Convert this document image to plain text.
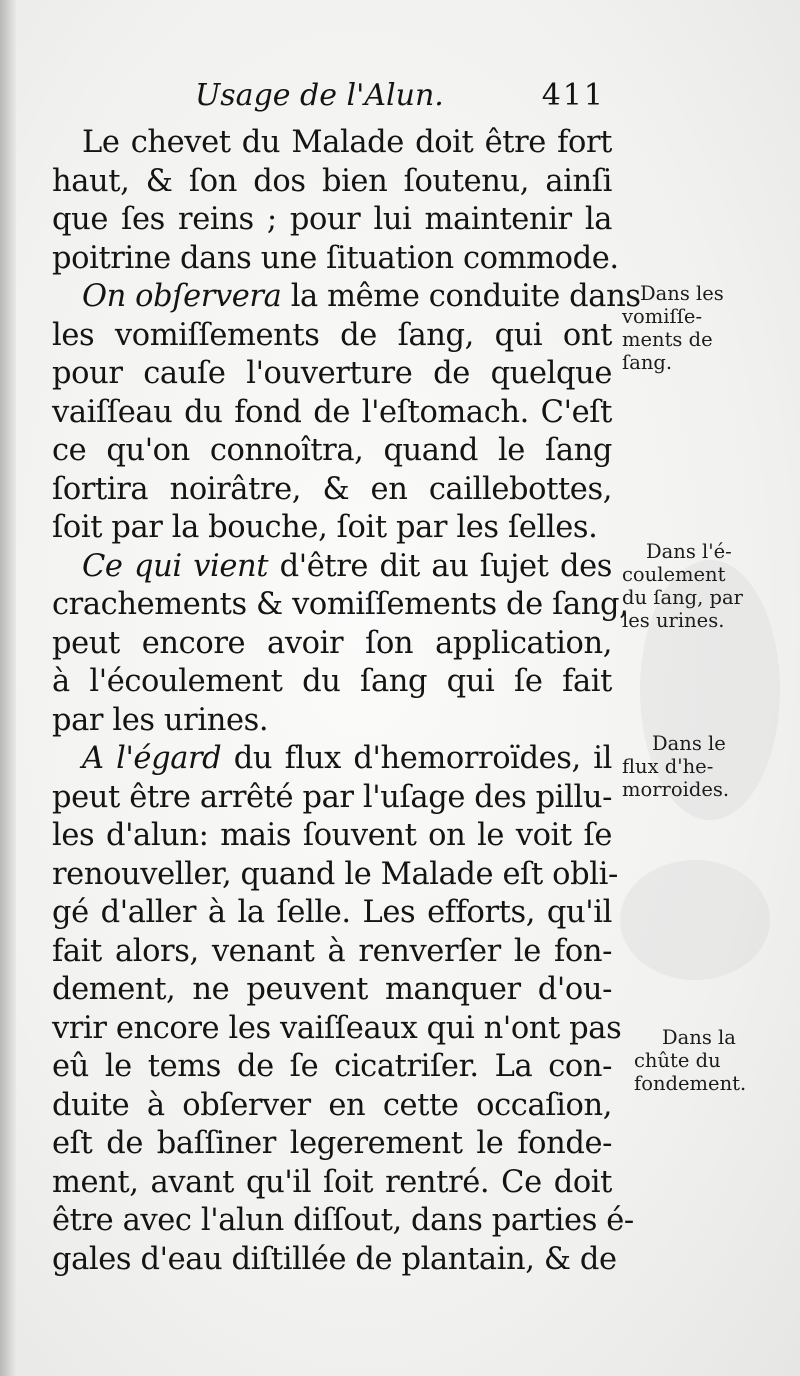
Usage de l'Alun.	411
Le chevet du Malade doit être fort
haut, & ſon dos bien ſoutenu, ainſi
que ſes reins ; pour lui maintenir la
poitrine dans une ſituation commode.
On obſervera la même conduite dans
les vomiſſements de ſang, qui ont
pour cauſe l'ouverture de quelque
vaiſſeau du fond de l'eſtomach. C'eſt
ce qu'on connoîtra, quand le ſang
ſortira noirâtre, & en caillebottes,
ſoit par la bouche, ſoit par les ſelles.
Ce qui vient d'être dit au ſujet des
crachements & vomiſſements de ſang,
peut encore avoir ſon application,
à l'écoulement du ſang qui ſe fait
par les urines.
A l'égard du flux d'hemorroïdes, il
peut être arrêté par l'uſage des pillu-
les d'alun: mais ſouvent on le voit ſe
renouveller, quand le Malade eſt obli-
gé d'aller à la ſelle. Les efforts, qu'il
fait alors, venant à renverſer le fon-
dement, ne peuvent manquer d'ou-
vrir encore les vaiſſeaux qui n'ont pas
eû le tems de ſe cicatriſer. La con-
duite à obſerver en cette occaſion,
eſt de baſſiner legerement le fonde-
ment, avant qu'il ſoit rentré. Ce doit
être avec l'alun diſſout, dans parties é-
gales d'eau diſtillée de plantain, & de
Dans les
vomiſſe-
ments de
ſang.
Dans l'é-
coulement
du ſang, par
les urines.
Dans le
flux d'he-
morroides.
Dans la
chûte du
fondement.
